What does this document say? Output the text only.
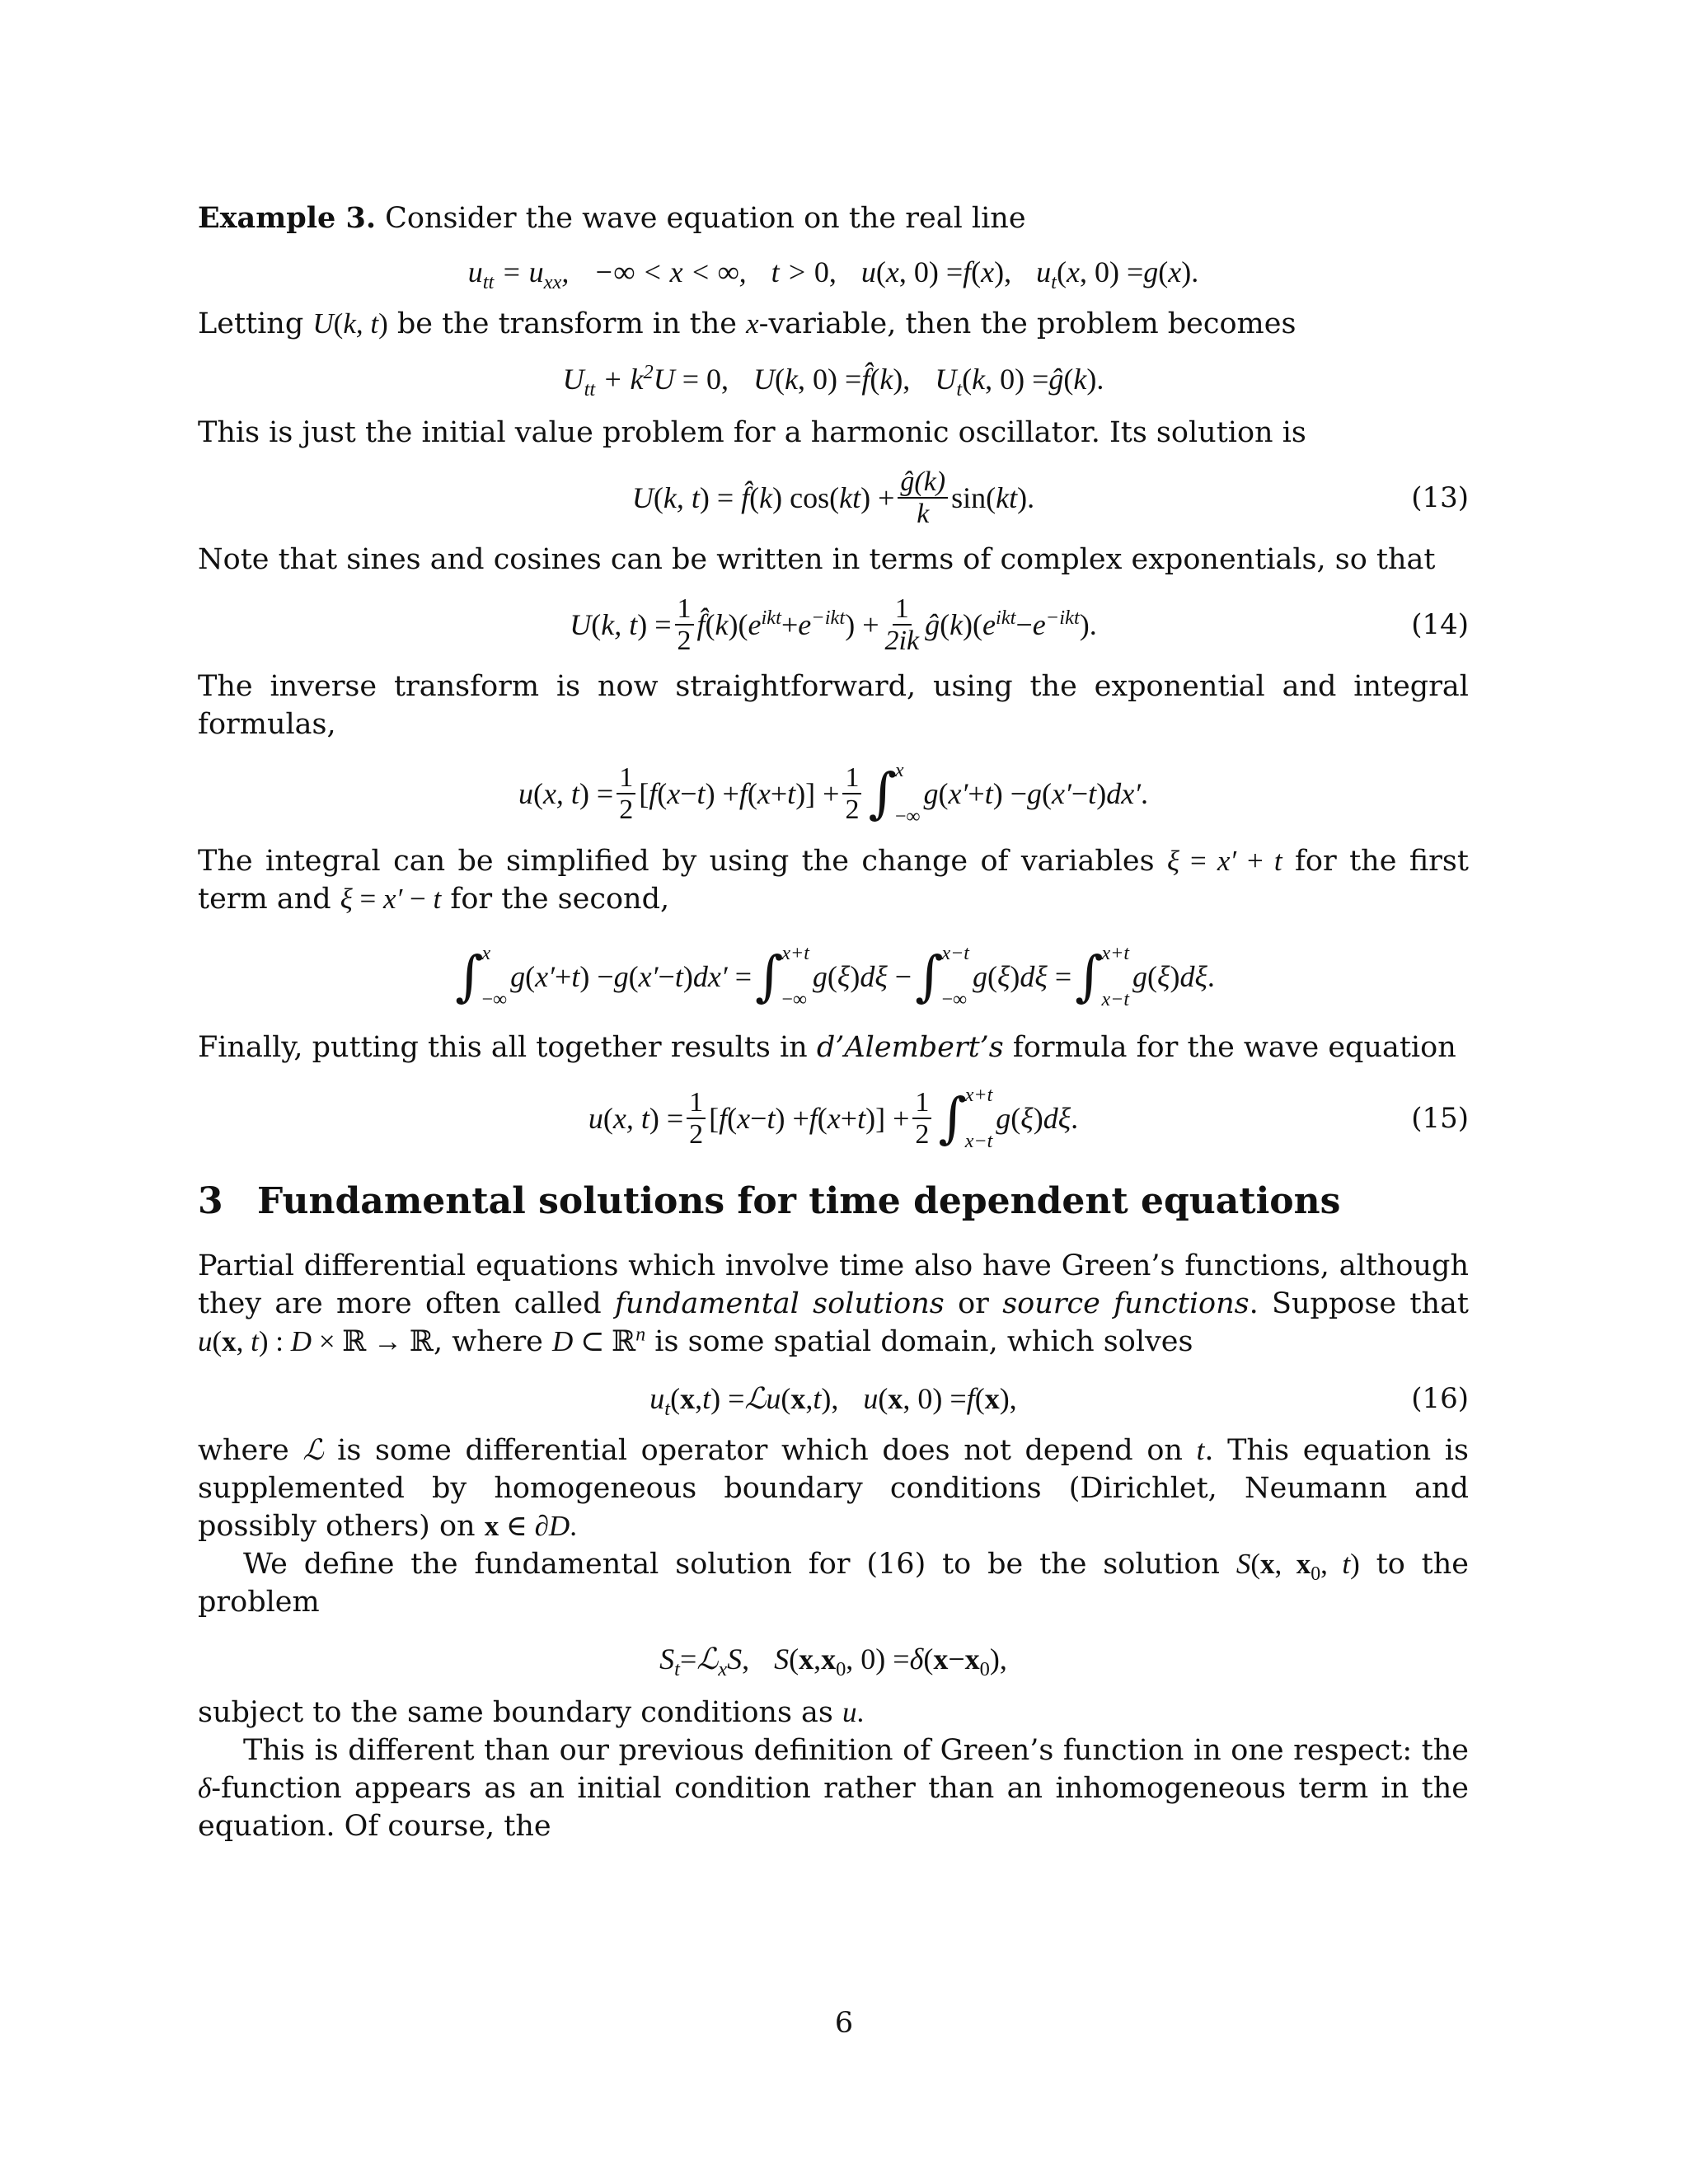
Example 3. Consider the wave equation on the real line

$u_{tt} = u_{xx}$, −∞ < x < ∞, t > 0, u ( x , 0) = f ( x ), $u_t$ ( x , 0) = g ( x ).

Letting U(k, t) be the transform in the x-variable, then the problem becomes

$U_{tt} + k^2U = 0$, U ( k , 0) = f̂ ( k ), $U_t$ ( k , 0) = ĝ ( k ).

This is just the initial value problem for a harmonic oscillator. Its solution is

U ( k, t ) = f̂ ( k ) cos( kt ) + $\frac{ĝ(k)}{k} \sin$( kt ).	(13)

Note that sines and cosines can be written in terms of complex exponentials, so that

U ( k, t ) = $\frac{1}{2}$ f̂ ( k )( $e^{ikt} + e^{-ikt}$ ) + $\frac{1}{2ik}$ ĝ ( k )( $e^{ikt} - e^{-ikt}$ ).	(14)

The inverse transform is now straightforward, using the exponential and integral formulas,

u ( x, t ) = $\frac{1}{2}$ [ f ( x − t ) + f ( x + t )] + $\frac{1}{2}$ ∫
x
−∞
g ( x′ + t ) − g ( x′ − t ) dx′ .

The integral can be simplified by using the change of variables ξ = x′ + t for the first term and ξ = x′ − t for the second,

∫
x
−∞
g ( x′ + t ) − g ( x′ − t ) dx′ = ∫
x+t
−∞
g ( ξ ) dξ − ∫
x−t
−∞
g ( ξ ) dξ = ∫
x+t
x−t
g ( ξ ) dξ .

Finally, putting this all together results in d’Alembert’s formula for the wave equation

u ( x, t ) = $\frac{1}{2}$ [ f ( x − t ) + f ( x + t )] + $\frac{1}{2}$ ∫
x+t
x−t
g ( ξ ) dξ .	(15)
3 Fundamental solutions for time dependent equations

Partial differential equations which involve time also have Green’s functions, although they are more often called fundamental solutions or source functions. Suppose that u(x, t) : D × ℝ → ℝ, where D ⊂ ℝ$^n$ is some spatial domain, which solves

$u_t$ ( x , t ) = ℒu ( x , t ), u ( x , 0) = f ( x ),	(16)

where ℒ is some differential operator which does not depend on t. This equation is supplemented by homogeneous boundary conditions (Dirichlet, Neumann and possibly others) on x ∈ ∂D.

We define the fundamental solution for (16) to be the solution S(x, $x_0$, t) to the problem

$S_t$ = ℒ$_x$S , S ( x , x $_0$, 0) = δ ( x − x $_0$),

subject to the same boundary conditions as u.

This is different than our previous definition of Green’s function in one respect: the δ-function appears as an initial condition rather than an inhomogeneous term in the equation. Of course, the

6
